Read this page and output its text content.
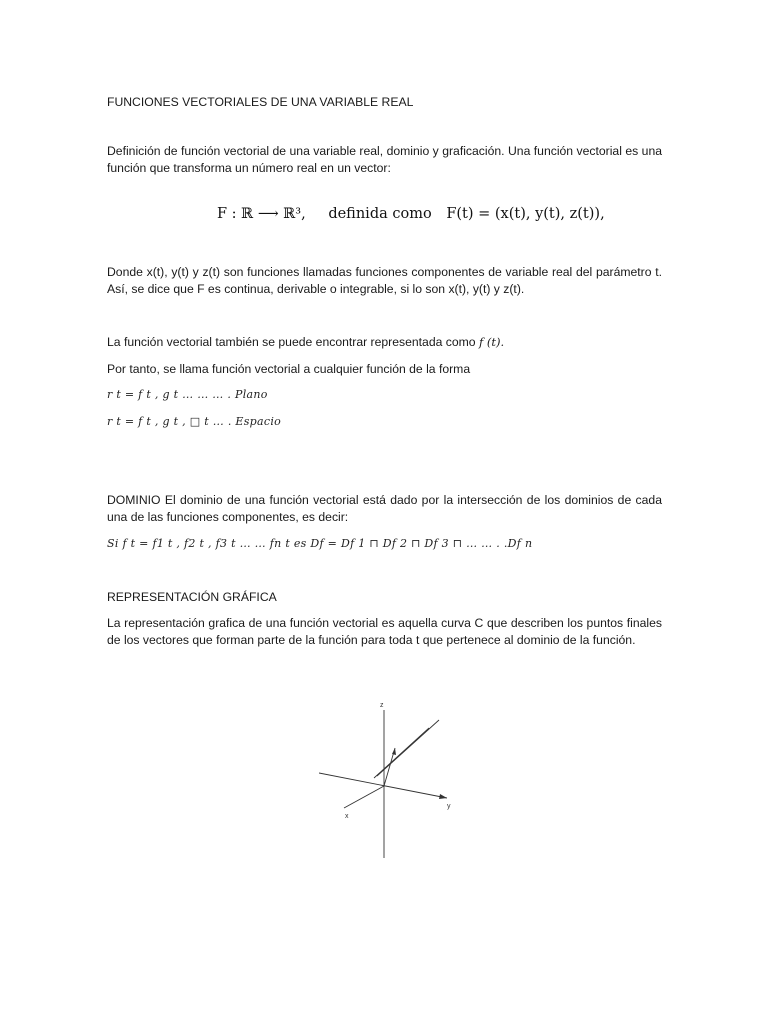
FUNCIONES VECTORIALES DE UNA VARIABLE REAL
Definición de función vectorial de una variable real, dominio y graficación. Una función vectorial es una función que transforma un número real en un vector:
F : ℝ ⟶ ℝ³, definida como F(t) = (x(t), y(t), z(t)),
Donde x(t), y(t) y z(t) son funciones llamadas funciones componentes de variable real del parámetro t. Así, se dice que F es continua, derivable o integrable, si lo son x(t), y(t) y z(t).
La función vectorial también se puede encontrar representada como f (t).
Por tanto, se llama función vectorial a cualquier función de la forma
r t = f t , g t … … … . Plano
r t = f t , g t , □ t … . Espacio
DOMINIO El dominio de una función vectorial está dado por la intersección de los dominios de cada una de las funciones componentes, es decir:
Si f t = f1 t , f2 t , f3 t … … fn t es Df = Df 1 ⊓ Df 2 ⊓ Df 3 ⊓ … … . .Df n
REPRESENTACIÓN GRÁFICA
La representación grafica de una función vectorial es aquella curva C que describen los puntos finales de los vectores que forman parte de la función para toda t que pertenece al dominio de la función.
z
y
x
